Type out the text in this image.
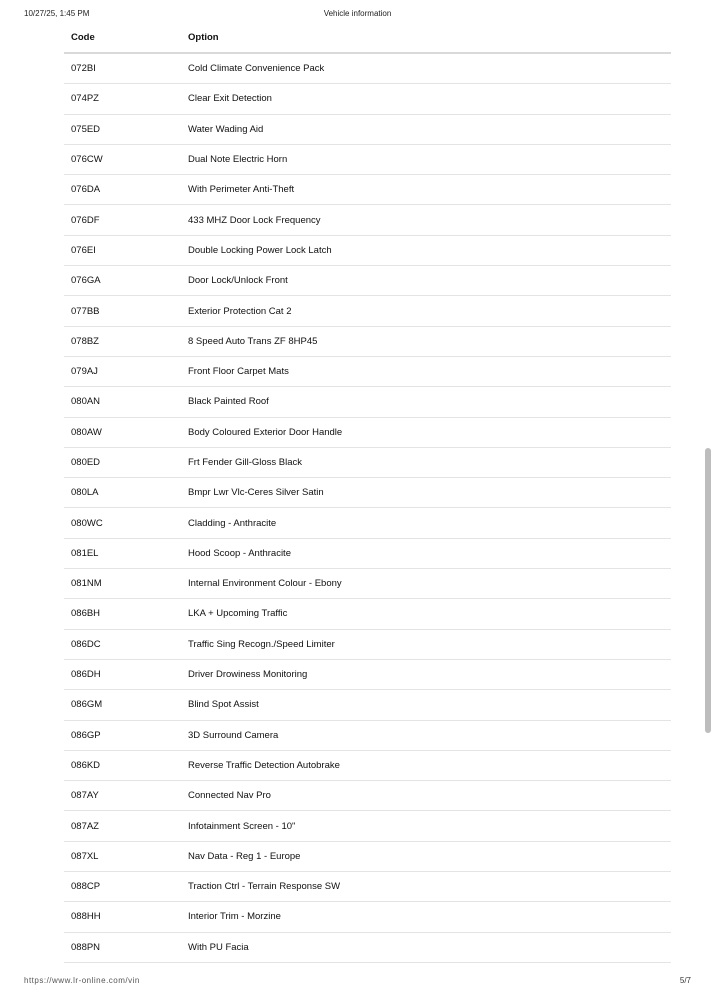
10/27/25, 1:45 PM	Vehicle information
Code	Option
072BI	Cold Climate Convenience Pack
074PZ	Clear Exit Detection
075ED	Water Wading Aid
076CW	Dual Note Electric Horn
076DA	With Perimeter Anti-Theft
076DF	433 MHZ Door Lock Frequency
076EI	Double Locking Power Lock Latch
076GA	Door Lock/Unlock Front
077BB	Exterior Protection Cat 2
078BZ	8 Speed Auto Trans ZF 8HP45
079AJ	Front Floor Carpet Mats
080AN	Black Painted Roof
080AW	Body Coloured Exterior Door Handle
080ED	Frt Fender Gill-Gloss Black
080LA	Bmpr Lwr Vlc-Ceres Silver Satin
080WC	Cladding - Anthracite
081EL	Hood Scoop - Anthracite
081NM	Internal Environment Colour - Ebony
086BH	LKA + Upcoming Traffic
086DC	Traffic Sing Recogn./Speed Limiter
086DH	Driver Drowiness Monitoring
086GM	Blind Spot Assist
086GP	3D Surround Camera
086KD	Reverse Traffic Detection Autobrake
087AY	Connected Nav Pro
087AZ	Infotainment Screen - 10"
087XL	Nav Data - Reg 1 - Europe
088CP	Traction Ctrl - Terrain Response SW
088HH	Interior Trim - Morzine
088PN	With PU Facia
https://www.lr-online.com/vin	5/7
